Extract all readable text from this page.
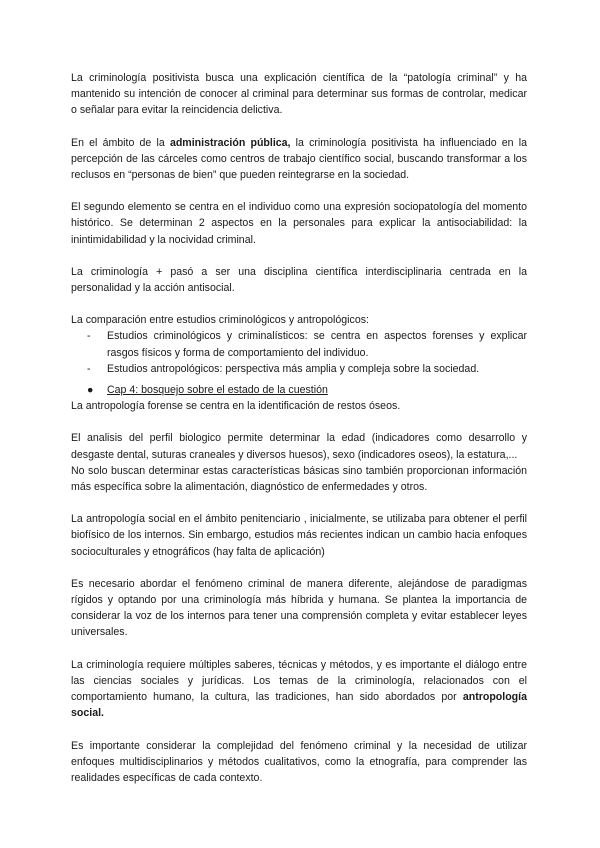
La criminología positivista busca una explicación científica de la “patología criminal” y ha mantenido su intención de conocer al criminal para determinar sus formas de controlar, medicar o señalar para evitar la reincidencia delictiva.

En el ámbito de la administración pública, la criminología positivista ha influenciado en la percepción de las cárceles como centros de trabajo científico social, buscando transformar a los reclusos en “personas de bien” que pueden reintegrarse en la sociedad.

El segundo elemento se centra en el individuo como una expresión sociopatología del momento histórico. Se determinan 2 aspectos en la personales para explicar la antisociabilidad: la inintimidabilidad y la nocividad criminal.

La criminología + pasó a ser una disciplina científica interdisciplinaria centrada en la personalidad y la acción antisocial.

La comparación entre estudios criminológicos y antropológicos:

- Estudios criminológicos y criminalísticos: se centra en aspectos forenses y explicar rasgos físicos y forma de comportamiento del individuo.
- Estudios antropológicos: perspectiva más amplia y compleja sobre la sociedad.
● Cap 4: bosquejo sobre el estado de la cuestión

La antropología forense se centra en la identificación de restos óseos.

El analisis del perfil biologico permite determinar la edad (indicadores como desarrollo y desgaste dental, suturas craneales y diversos huesos), sexo (indicadores oseos), la estatura,...

No solo buscan determinar estas características básicas sino también proporcionan información más específica sobre la alimentación, diagnóstico de enfermedades y otros.

La antropología social en el ámbito penitenciario , inicialmente, se utilizaba para obtener el perfil biofísico de los internos. Sin embargo, estudios más recientes indican un cambio hacia enfoques socioculturales y etnográficos (hay falta de aplicación)

Es necesario abordar el fenómeno criminal de manera diferente, alejándose de paradigmas rígidos y optando por una criminología más híbrida y humana. Se plantea la importancia de considerar la voz de los internos para tener una comprensión completa y evitar establecer leyes universales.

La criminología requiere múltiples saberes, técnicas y métodos, y es importante el diálogo entre las ciencias sociales y jurídicas. Los temas de la criminología, relacionados con el comportamiento humano, la cultura, las tradiciones, han sido abordados por antropología social.

Es importante considerar la complejidad del fenómeno criminal y la necesidad de utilizar enfoques multidisciplinarios y métodos cualitativos, como la etnografía, para comprender las realidades específicas de cada contexto.
